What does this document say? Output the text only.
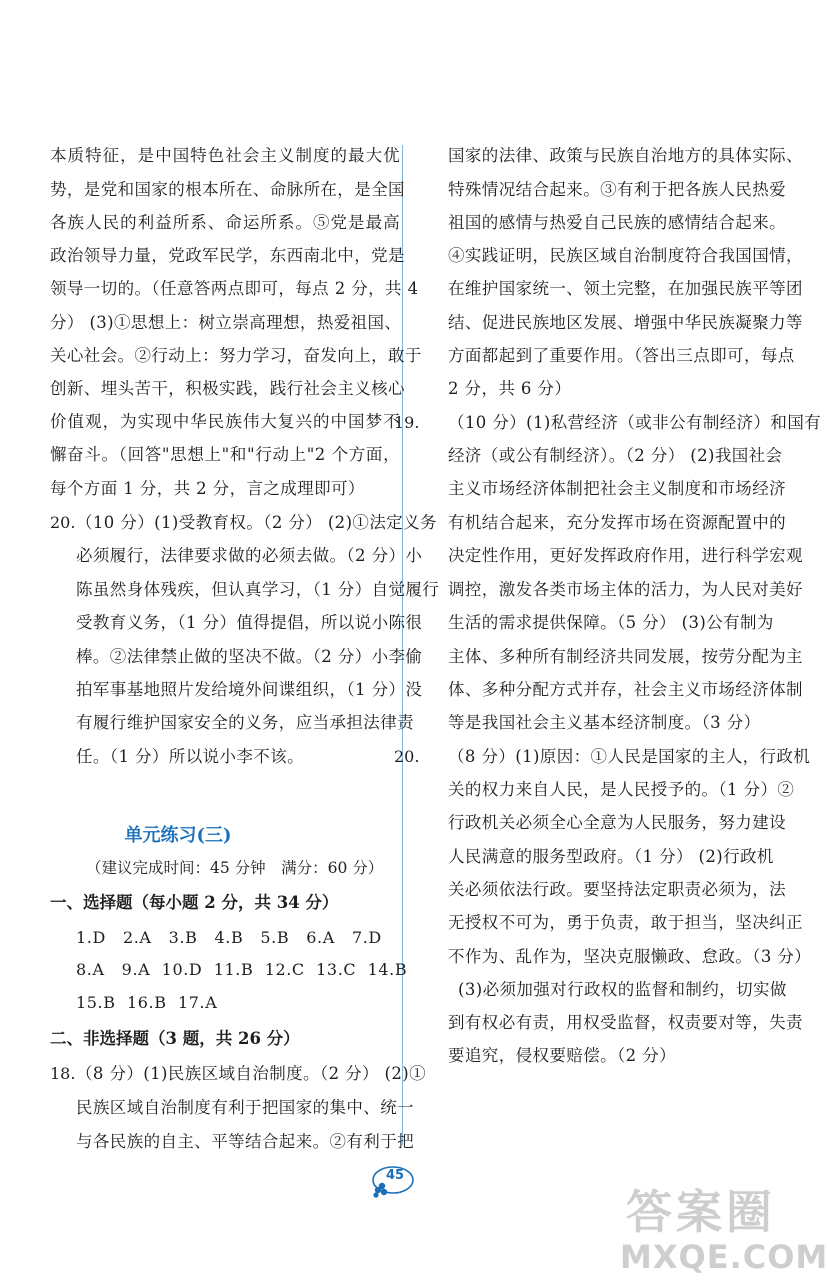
本质特征，是中国特色社会主义制度的最大优
势，是党和国家的根本所在、命脉所在，是全国
各族人民的利益所系、命运所系。⑤党是最高
政治领导力量，党政军民学，东西南北中，党是
领导一切的。（任意答两点即可，每点 2 分，共 4
分） (3)①思想上：树立崇高理想，热爱祖国、
关心社会。②行动上：努力学习，奋发向上，敢于
创新、埋头苦干，积极实践，践行社会主义核心
价值观，为实现中华民族伟大复兴的中国梦不
懈奋斗。（回答"思想上"和"行动上"2 个方面，
每个方面 1 分，共 2 分，言之成理即可）
20. （10 分）(1)受教育权。（2 分） (2)①法定义务
必须履行，法律要求做的必须去做。（2 分）小
陈虽然身体残疾，但认真学习，（1 分）自觉履行
受教育义务，（1 分）值得提倡，所以说小陈很
棒。②法律禁止做的坚决不做。（2 分）小李偷
拍军事基地照片发给境外间谍组织，（1 分）没
有履行维护国家安全的义务，应当承担法律责
任。（1 分）所以说小李不该。
单元练习(三)
（建议完成时间：45 分钟　满分：60 分）
一、选择题（每小题 2 分，共 34 分）
1.D   2.A   3.B   4.B   5.B   6.A   7.D
8.A   9.A  10.D  11.B  12.C  13.C  14.B
15.B  16.B  17.A
二、非选择题（3 题，共 26 分）
18. （8 分）(1)民族区域自治制度。（2 分） (2)①
民族区域自治制度有利于把国家的集中、统一
与各民族的自主、平等结合起来。②有利于把
国家的法律、政策与民族自治地方的具体实际、
特殊情况结合起来。③有利于把各族人民热爱
祖国的感情与热爱自己民族的感情结合起来。
④实践证明，民族区域自治制度符合我国国情，
在维护国家统一、领土完整，在加强民族平等团
结、促进民族地区发展、增强中华民族凝聚力等
方面都起到了重要作用。（答出三点即可，每点
2 分，共 6 分）
19. （10 分）(1)私营经济（或非公有制经济）和国有
经济（或公有制经济）。（2 分） (2)我国社会
主义市场经济体制把社会主义制度和市场经济
有机结合起来，充分发挥市场在资源配置中的
决定性作用，更好发挥政府作用，进行科学宏观
调控，激发各类市场主体的活力，为人民对美好
生活的需求提供保障。（5 分） (3)公有制为
主体、多种所有制经济共同发展，按劳分配为主
体、多种分配方式并存，社会主义市场经济体制
等是我国社会主义基本经济制度。（3 分）
20. （8 分）(1)原因：①人民是国家的主人，行政机
关的权力来自人民，是人民授予的。（1 分）②
行政机关必须全心全意为人民服务，努力建设
人民满意的服务型政府。（1 分） (2)行政机
关必须依法行政。要坚持法定职责必须为，法
无授权不可为，勇于负责，敢于担当，坚决纠正
不作为、乱作为，坚决克服懒政、怠政。（3 分）
(3)必须加强对行政权的监督和制约，切实做
到有权必有责，用权受监督，权责要对等，失责
要追究，侵权要赔偿。（2 分）
45
答案圈
MXQE.COM
